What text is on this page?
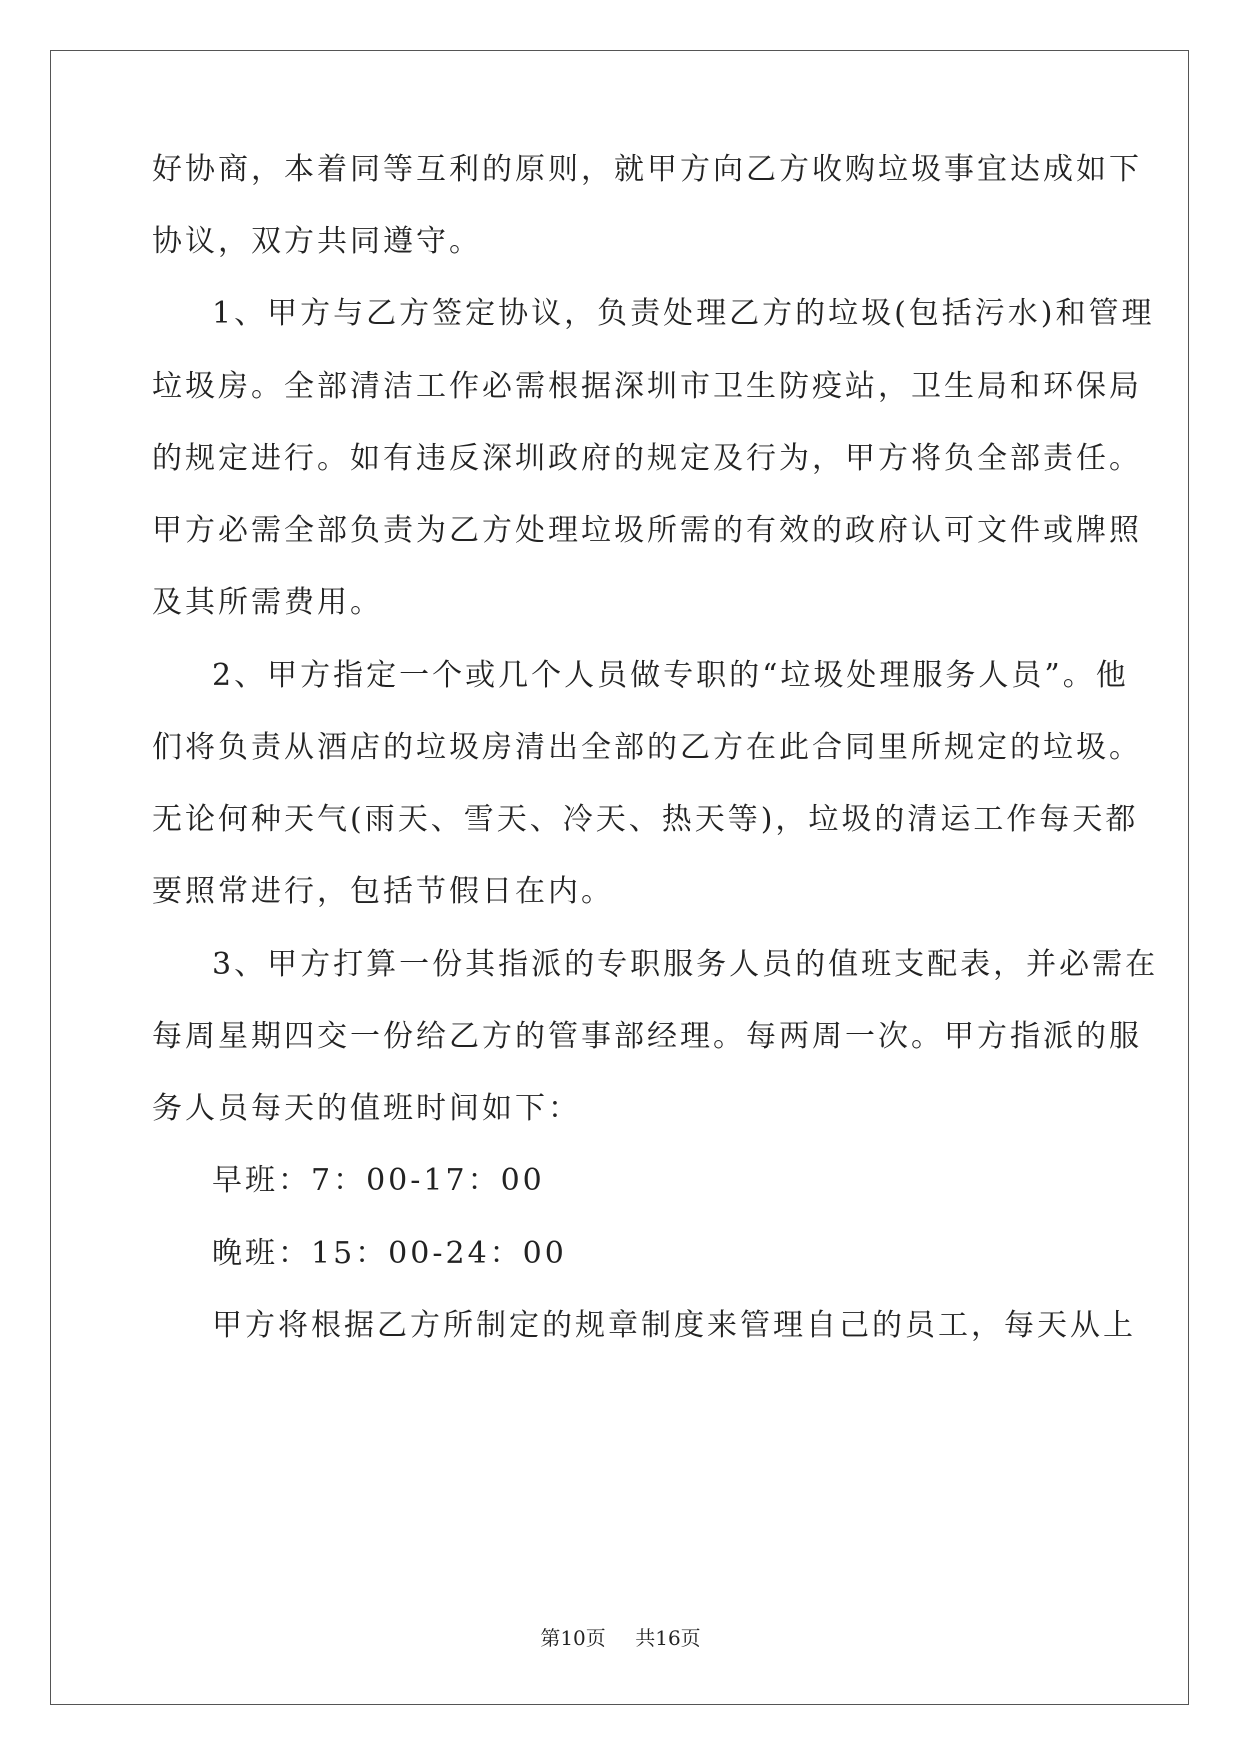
好协商，本着同等互利的原则，就甲方向乙方收购垃圾事宜达成如下
协议，双方共同遵守。
1、甲方与乙方签定协议，负责处理乙方的垃圾(包括污水)和管理
垃圾房。全部清洁工作必需根据深圳市卫生防疫站，卫生局和环保局
的规定进行。如有违反深圳政府的规定及行为，甲方将负全部责任。
甲方必需全部负责为乙方处理垃圾所需的有效的政府认可文件或牌照
及其所需费用。
2、甲方指定一个或几个人员做专职的“垃圾处理服务人员”。他
们将负责从酒店的垃圾房清出全部的乙方在此合同里所规定的垃圾。
无论何种天气(雨天、雪天、冷天、热天等)，垃圾的清运工作每天都
要照常进行，包括节假日在内。
3、甲方打算一份其指派的专职服务人员的值班支配表，并必需在
每周星期四交一份给乙方的管事部经理。每两周一次。甲方指派的服
务人员每天的值班时间如下：
早班：7：00-17：00
晚班：15：00-24：00
甲方将根据乙方所制定的规章制度来管理自己的员工，每天从上
第10页 共16页
